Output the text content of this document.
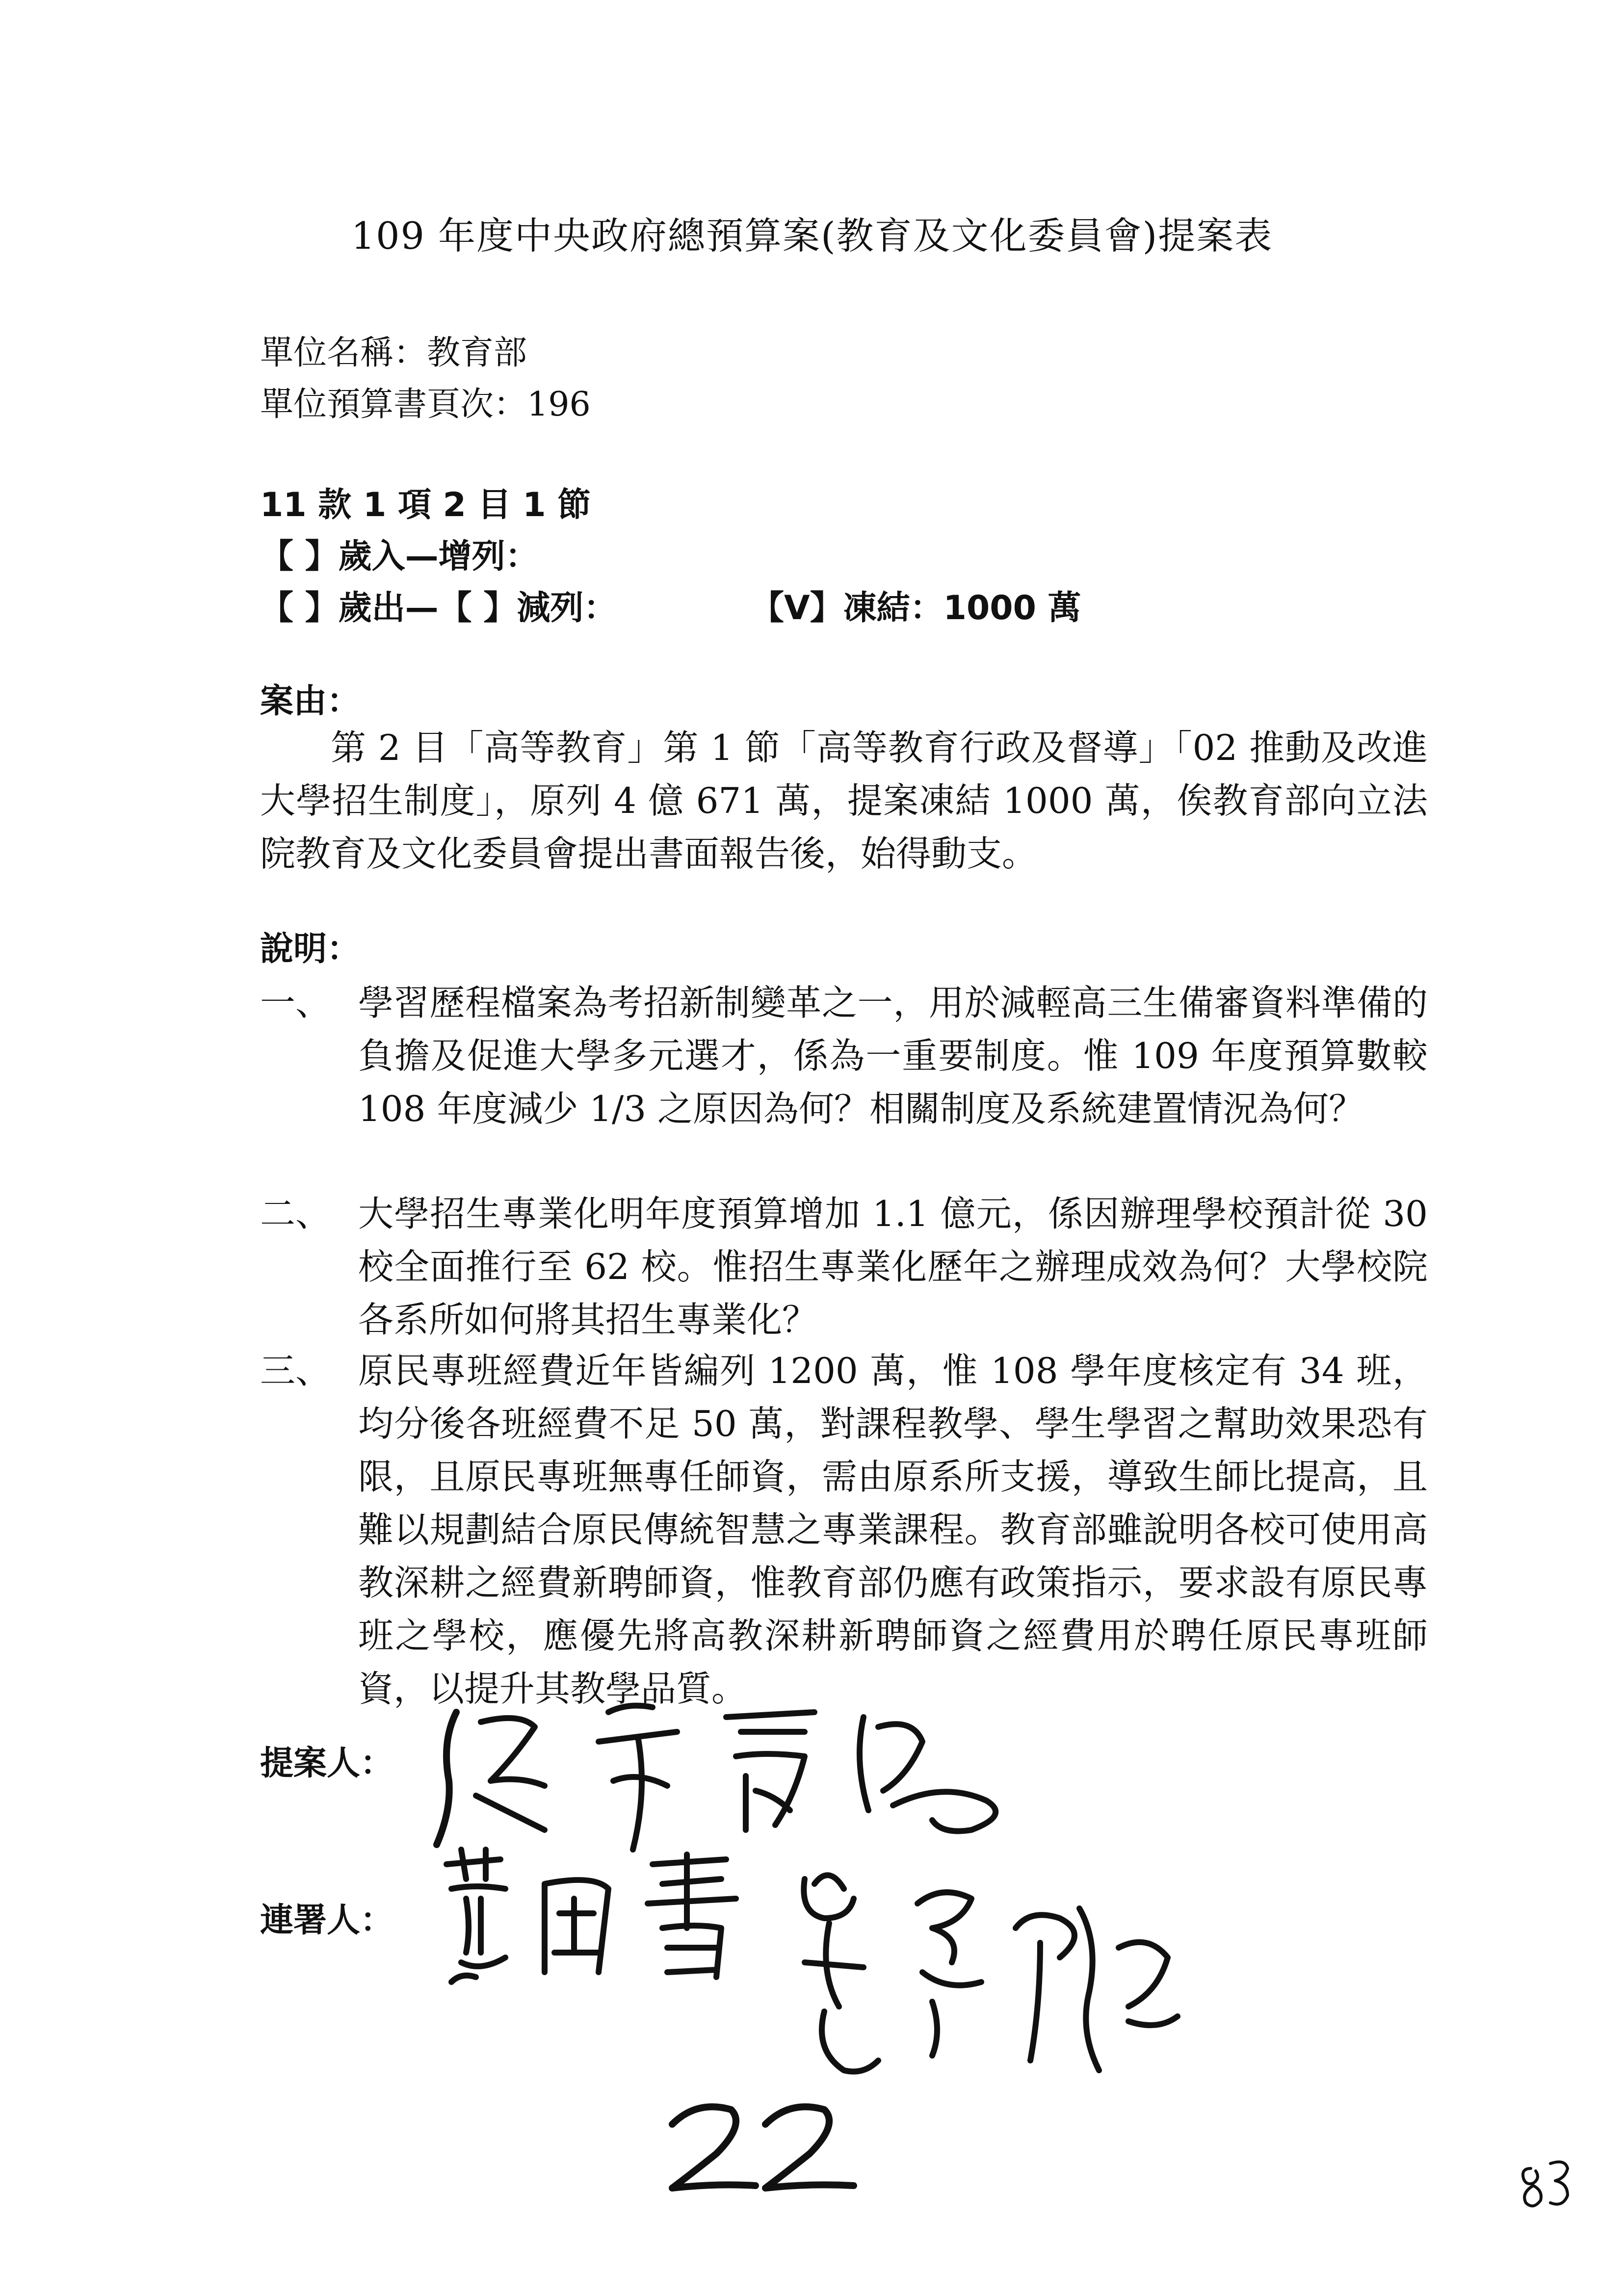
109 年度中央政府總預算案(教育及文化委員會)提案表
單位名稱：教育部
單位預算書頁次：196
11 款 1 項 2 目 1 節
【 】歲入—增列：
【 】歲出—【 】減列：	【V】凍結：1000 萬
案由：
第 2 目「高等教育」第 1 節「高等教育行政及督導」「02 推動及改進大學招生制度」，原列 4 億 671 萬，提案凍結 1000 萬，俟教育部向立法院教育及文化委員會提出書面報告後，始得動支。
說明：
一、 學習歷程檔案為考招新制變革之一，用於減輕高三生備審資料準備的負擔及促進大學多元選才，係為一重要制度。惟 109 年度預算數較 108 年度減少 1/3 之原因為何？相關制度及系統建置情況為何？
二、 大學招生專業化明年度預算增加 1.1 億元，係因辦理學校預計從 30 校全面推行至 62 校。惟招生專業化歷年之辦理成效為何？大學校院各系所如何將其招生專業化？
三、 原民專班經費近年皆編列 1200 萬，惟 108 學年度核定有 34 班，均分後各班經費不足 50 萬，對課程教學、學生學習之幫助效果恐有限，且原民專班無專任師資，需由原系所支援，導致生師比提高，且難以規劃結合原民傳統智慧之專業課程。教育部雖說明各校可使用高教深耕之經費新聘師資，惟教育部仍應有政策指示，要求設有原民專班之學校，應優先將高教深耕新聘師資之經費用於聘任原民專班師資，以提升其教學品質。
提案人：
連署人：
